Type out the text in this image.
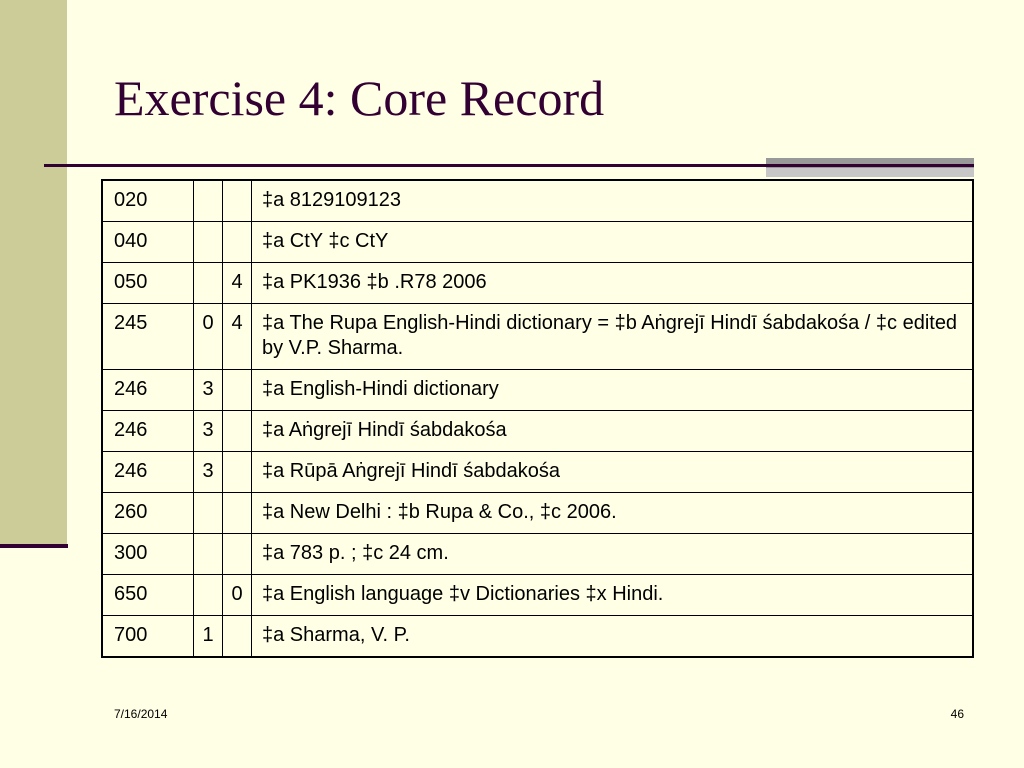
Exercise 4: Core Record
020			‡a 8129109123
040			‡a CtY ‡c CtY
050		4	‡a PK1936 ‡b .R78 2006
245	0	4	‡a The Rupa English-Hindi dictionary = ‡b Aṅgrejī Hindī śabdakośa / ‡c edited by V.P. Sharma.
246	3		‡a English-Hindi dictionary
246	3		‡a Aṅgrejī Hindī śabdakośa
246	3		‡a Rūpā Aṅgrejī Hindī śabdakośa
260			‡a New Delhi : ‡b Rupa & Co., ‡c 2006.
300			‡a 783 p. ; ‡c 24 cm.
650		0	‡a English language ‡v Dictionaries ‡x Hindi.
700	1		‡a Sharma, V. P.
7/16/2014	46
